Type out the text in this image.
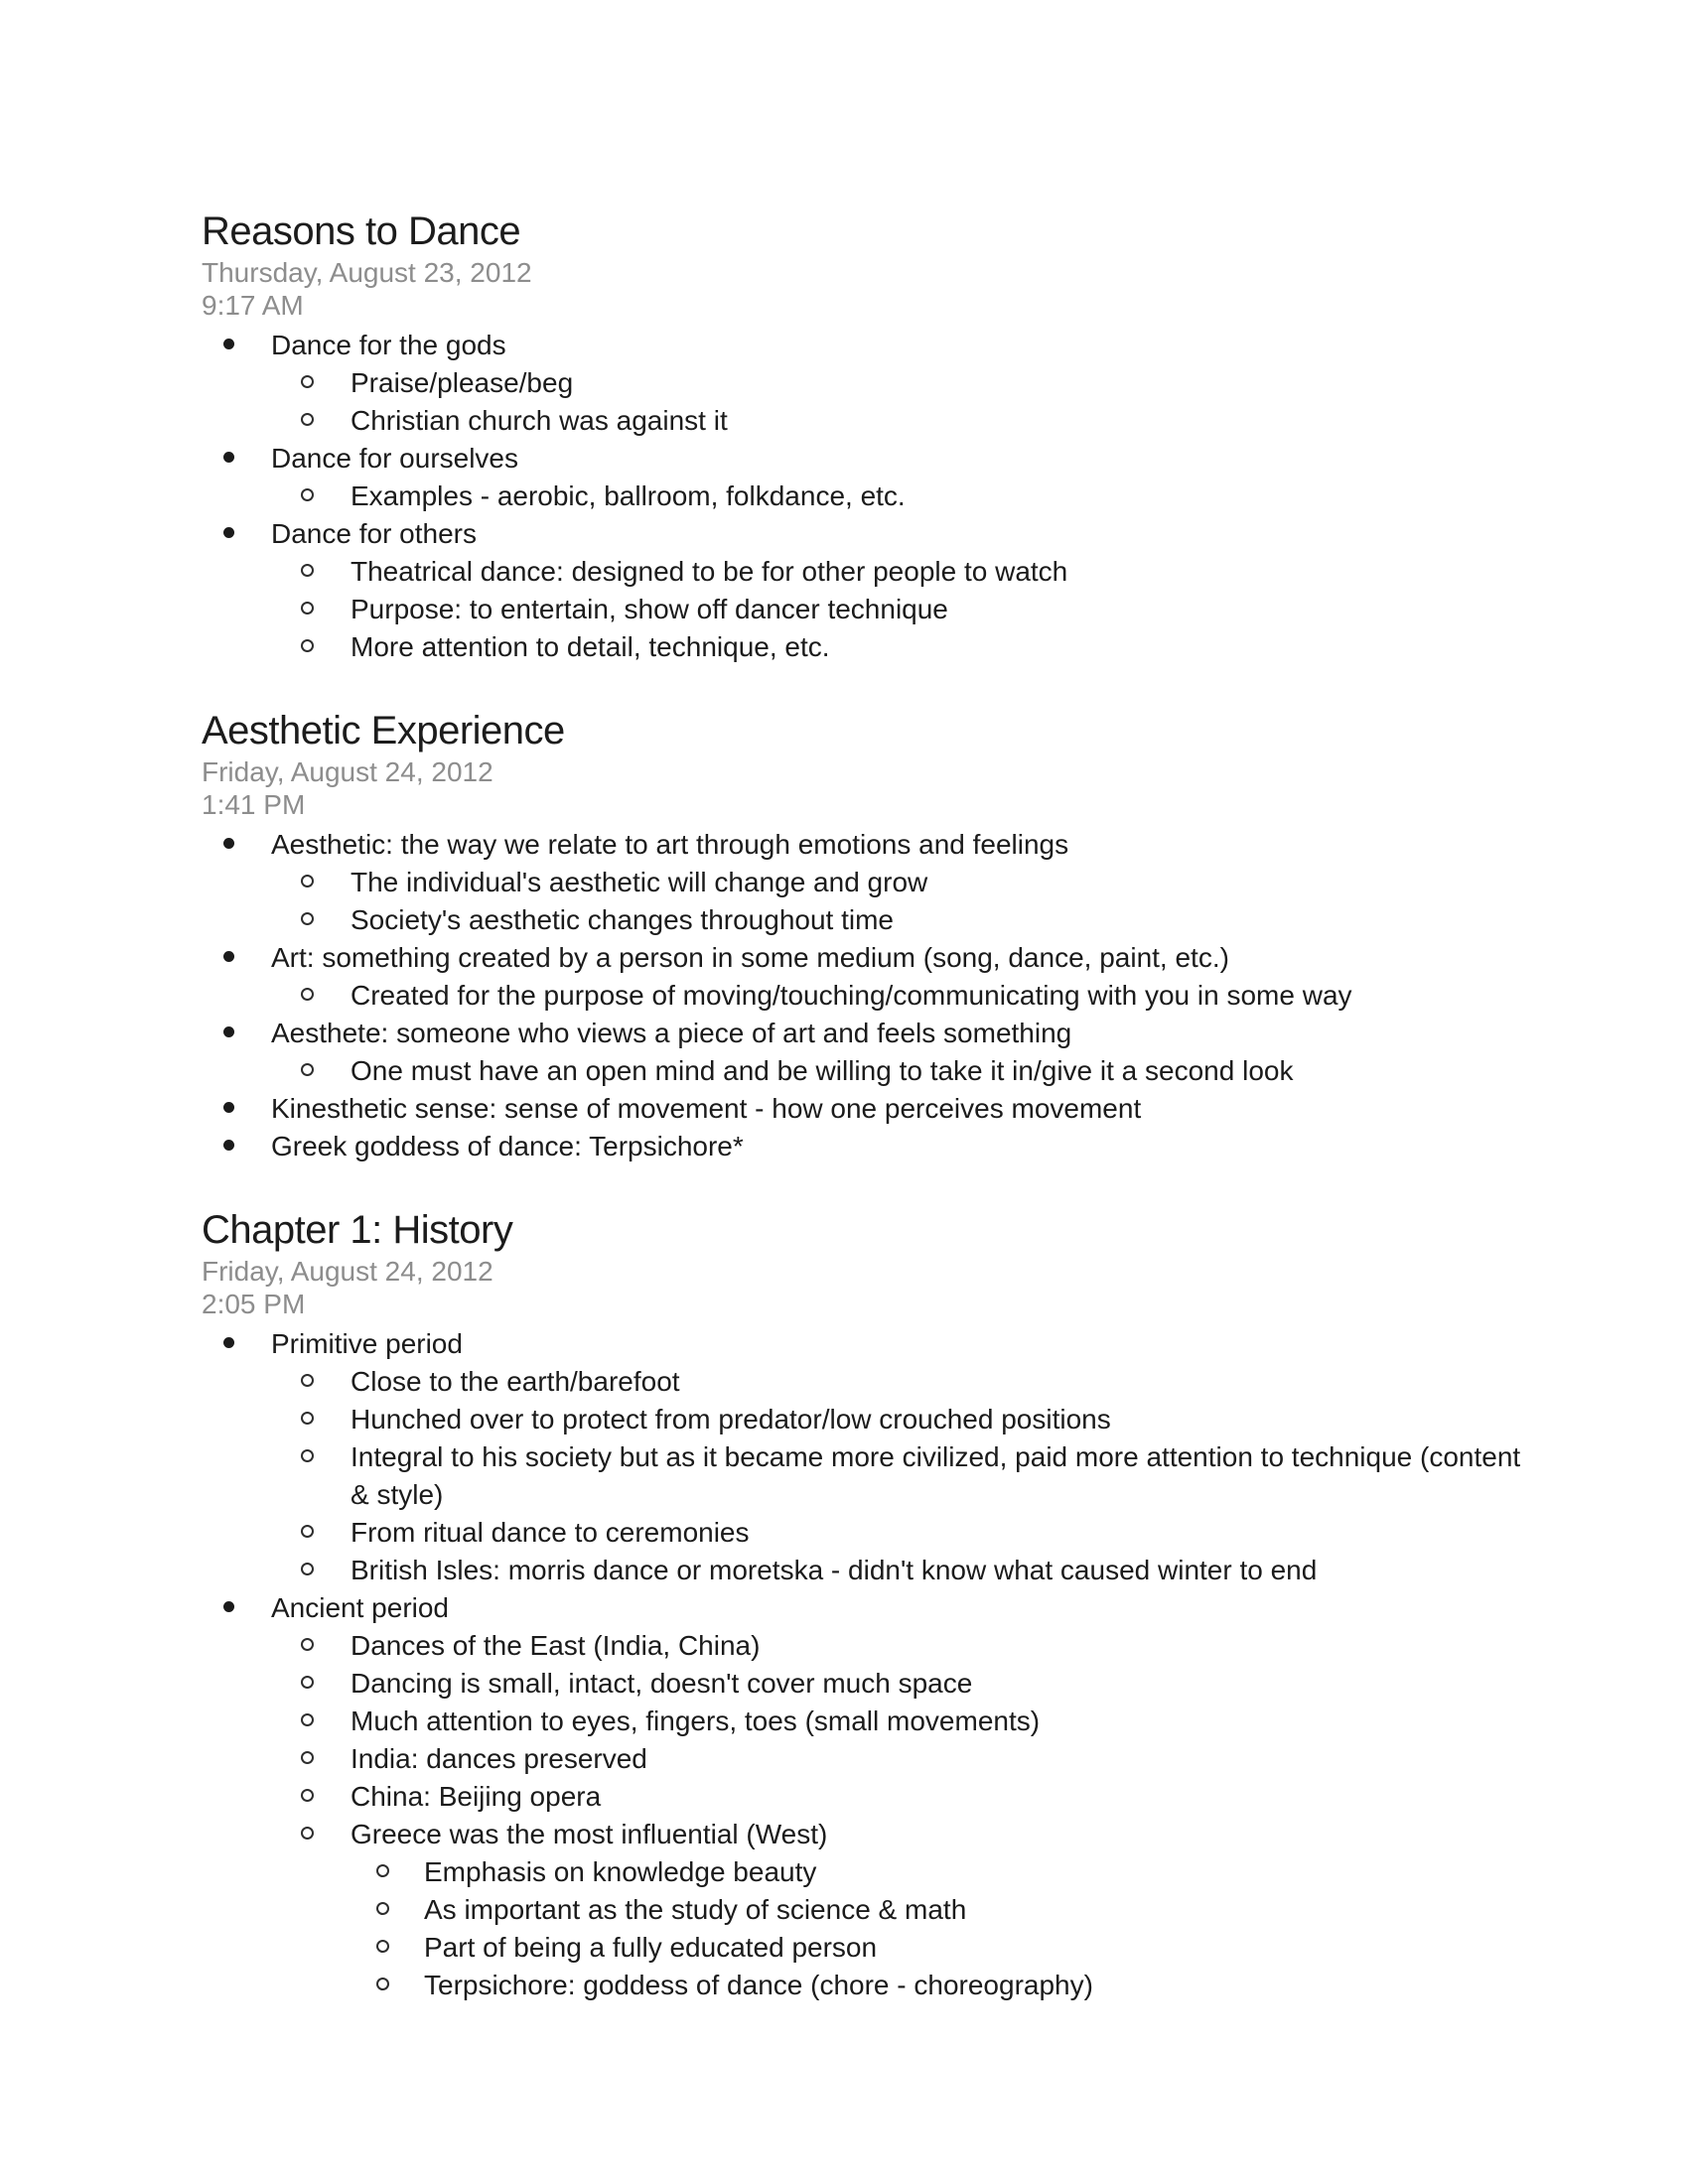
Reasons to Dance
Thursday, August 23, 2012
9:17 AM
Dance for the gods
Praise/please/beg
Christian church was against it
Dance for ourselves
Examples - aerobic, ballroom, folkdance, etc.
Dance for others
Theatrical dance: designed to be for other people to watch
Purpose: to entertain, show off dancer technique
More attention to detail, technique, etc.
Aesthetic Experience
Friday, August 24, 2012
1:41 PM
Aesthetic: the way we relate to art through emotions and feelings
The individual's aesthetic will change and grow
Society's aesthetic changes throughout time
Art: something created by a person in some medium (song, dance, paint, etc.)
Created for the purpose of moving/touching/communicating with you in some way
Aesthete: someone who views a piece of art and feels something
One must have an open mind and be willing to take it in/give it a second look
Kinesthetic sense: sense of movement - how one perceives movement
Greek goddess of dance: Terpsichore*
Chapter 1: History
Friday, August 24, 2012
2:05 PM
Primitive period
Close to the earth/barefoot
Hunched over to protect from predator/low crouched positions
Integral to his society but as it became more civilized, paid more attention to technique (content & style)
From ritual dance to ceremonies
British Isles: morris dance or moretska - didn't know what caused winter to end
Ancient period
Dances of the East (India, China)
Dancing is small, intact, doesn't cover much space
Much attention to eyes, fingers, toes (small movements)
India: dances preserved
China: Beijing opera
Greece was the most influential (West)
Emphasis on knowledge beauty
As important as the study of science & math
Part of being a fully educated person
Terpsichore: goddess of dance (chore - choreography)
